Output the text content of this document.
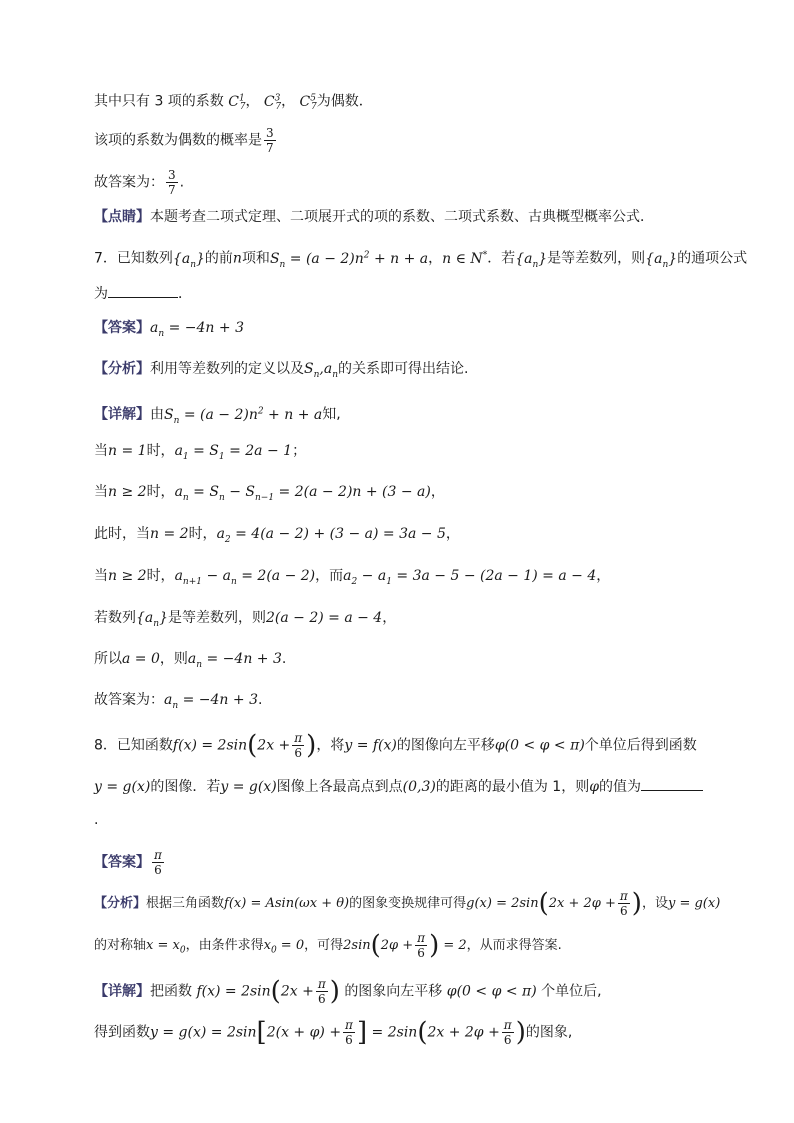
其中只有 3 项的系数 $C^1_7$， $C^3_7$， $C^5_7$为偶数．
该项的系数为偶数的概率是 $\frac{3}{7}$
故答案为： $\frac{3}{7}$ .
【点睛】本题考查二项式定理、二项展开式的项的系数、二项式系数、古典概型概率公式．
7．已知数列$\{a_n\}$的前n项和$S_n = (a - 2)n^2 + n + a$，n ∈ N*．若$\{a_n\}$是等差数列，则$\{a_n\}$的通项公式
为	．
【答案】$a_n = -4n + 3$
【分析】利用等差数列的定义以及$S_n,a_n$的关系即可得出结论.
【详解】由$S_n = (a - 2)n^2 + n + a$知,
当n = 1时，$a_1 = S_1 = 2a - 1$；
当n ≥ 2时，$a_n = S_n - S_{n-1} = 2(a - 2)n + (3 - a)$，
此时，当n = 2时，$a_2 = 4(a - 2) + (3 - a) = 3a - 5$，
当n ≥ 2时，$a_{n+1} - a_n = 2(a - 2)$，而$a_2 - a_1 = 3a - 5 - (2a - 1) = a - 4$，
若数列$\{a_n\}$是等差数列，则2(a − 2) = a − 4，
所以a = 0，则$a_n = -4n + 3$.
故答案为：$a_n = -4n + 3$.
8．已知函数$f(x) = 2\sin(2x + \frac{\pi}{6}$ )，将y = f(x)的图像向左平移φ(0 < φ < π)个单位后得到函数
y = g(x)的图像．若y = g(x)图像上各最高点到点(0,3)的距离的最小值为 1，则φ的值为
.
【答案】 $\frac{\pi}{6}$
【分析】根据三角函数f(x) = Asin(ωx + θ)的图象变换规律可得$g(x) = 2\sin(2x + 2\varphi + \frac{\pi}{6}$ )，设y = g(x)
的对称轴$x = x_0$，由条件求得$x_0 = 0$，可得$2\sin(2\varphi + \frac{\pi}{6}$ ) = 2，从而求得答案.
【详解】把函数 $f(x) = 2\sin(2x + \frac{\pi}{6}$ ) 的图象向左平移 φ(0 < φ < π) 个单位后,
得到函数$y = g(x) = 2\sin[2(x + \varphi) + \frac{\pi}{6}$ ] = $2\sin(2x + 2\varphi + \frac{\pi}{6}$ )的图象,
